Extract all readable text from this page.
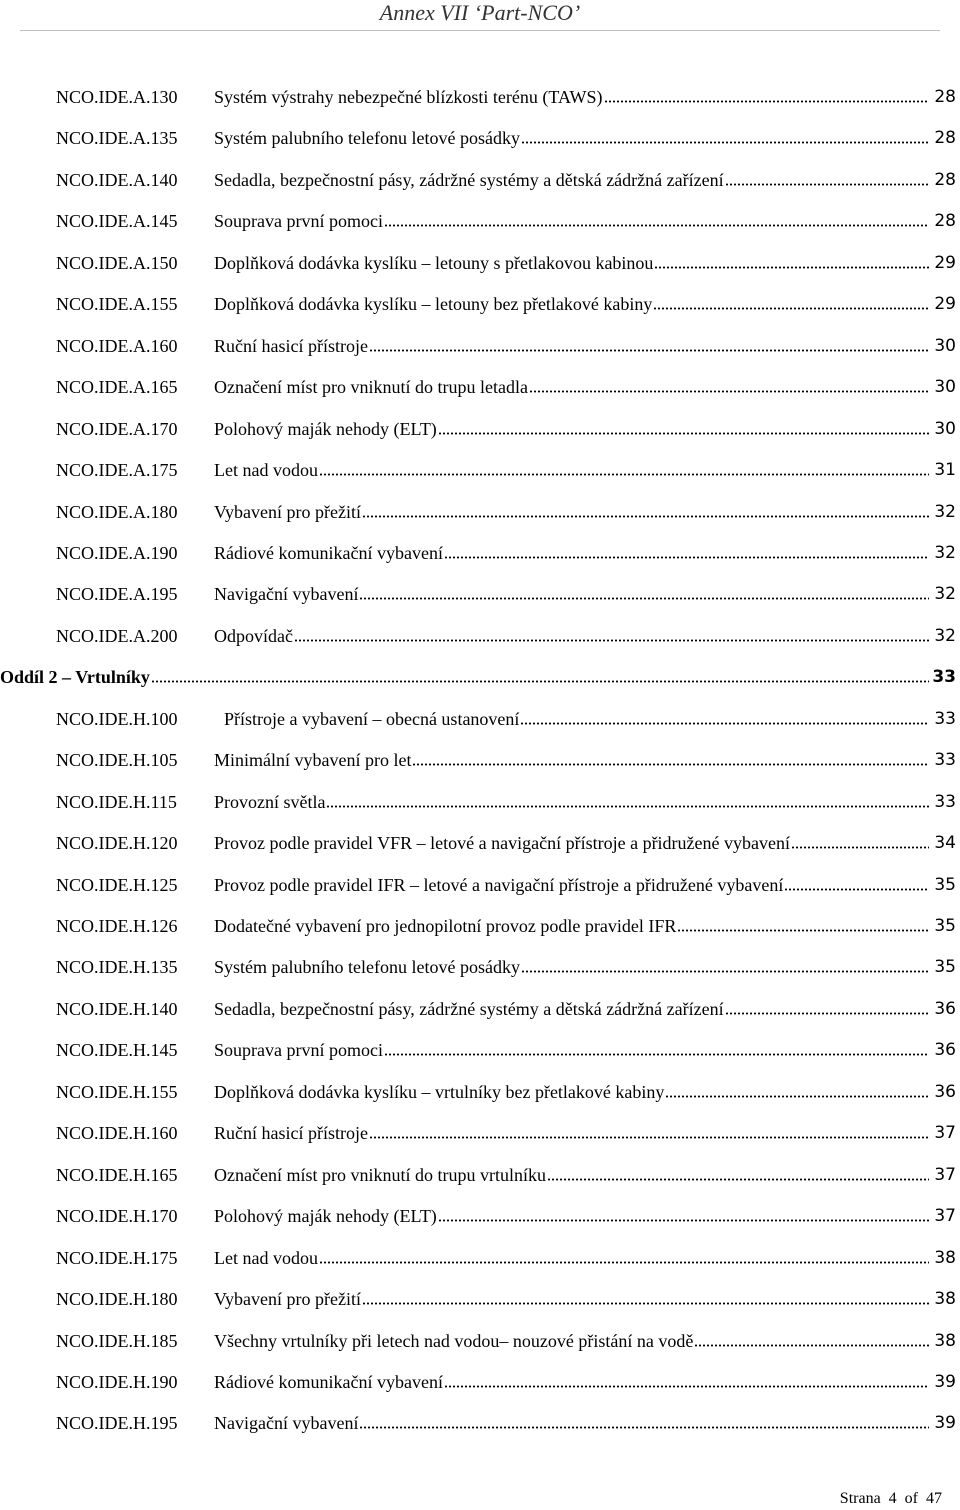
Annex VII ‘Part-NCO’
Strana 4 of 47
NCO.IDE.A.130	Systém výstrahy nebezpečné blízkosti terénu (TAWS)	28
NCO.IDE.A.135	Systém palubního telefonu letové posádky	28
NCO.IDE.A.140	Sedadla, bezpečnostní pásy, zádržné systémy a dětská zádržná zařízení	28
NCO.IDE.A.145	Souprava první pomoci	28
NCO.IDE.A.150	Doplňková dodávka kyslíku – letouny s přetlakovou kabinou	29
NCO.IDE.A.155	Doplňková dodávka kyslíku – letouny bez přetlakové kabiny	29
NCO.IDE.A.160	Ruční hasicí přístroje	30
NCO.IDE.A.165	Označení míst pro vniknutí do trupu letadla	30
NCO.IDE.A.170	Polohový maják nehody (ELT)	30
NCO.IDE.A.175	Let nad vodou	31
NCO.IDE.A.180	Vybavení pro přežití	32
NCO.IDE.A.190	Rádiové komunikační vybavení	32
NCO.IDE.A.195	Navigační vybavení	32
NCO.IDE.A.200	Odpovídač	32
Oddíl 2 – Vrtulníky	33
NCO.IDE.H.100	Přístroje a vybavení – obecná ustanovení	33
NCO.IDE.H.105	Minimální vybavení pro let	33
NCO.IDE.H.115	Provozní světla	33
NCO.IDE.H.120	Provoz podle pravidel VFR – letové a navigační přístroje a přidružené vybavení	34
NCO.IDE.H.125	Provoz podle pravidel IFR – letové a navigační přístroje a přidružené vybavení	35
NCO.IDE.H.126	Dodatečné vybavení pro jednopilotní provoz podle pravidel IFR	35
NCO.IDE.H.135	Systém palubního telefonu letové posádky	35
NCO.IDE.H.140	Sedadla, bezpečnostní pásy, zádržné systémy a dětská zádržná zařízení	36
NCO.IDE.H.145	Souprava první pomoci	36
NCO.IDE.H.155	Doplňková dodávka kyslíku – vrtulníky bez přetlakové kabiny	36
NCO.IDE.H.160	Ruční hasicí přístroje	37
NCO.IDE.H.165	Označení míst pro vniknutí do trupu vrtulníku	37
NCO.IDE.H.170	Polohový maják nehody (ELT)	37
NCO.IDE.H.175	Let nad vodou	38
NCO.IDE.H.180	Vybavení pro přežití	38
NCO.IDE.H.185	Všechny vrtulníky při letech nad vodou– nouzové přistání na vodě	38
NCO.IDE.H.190	Rádiové komunikační vybavení	39
NCO.IDE.H.195	Navigační vybavení	39
